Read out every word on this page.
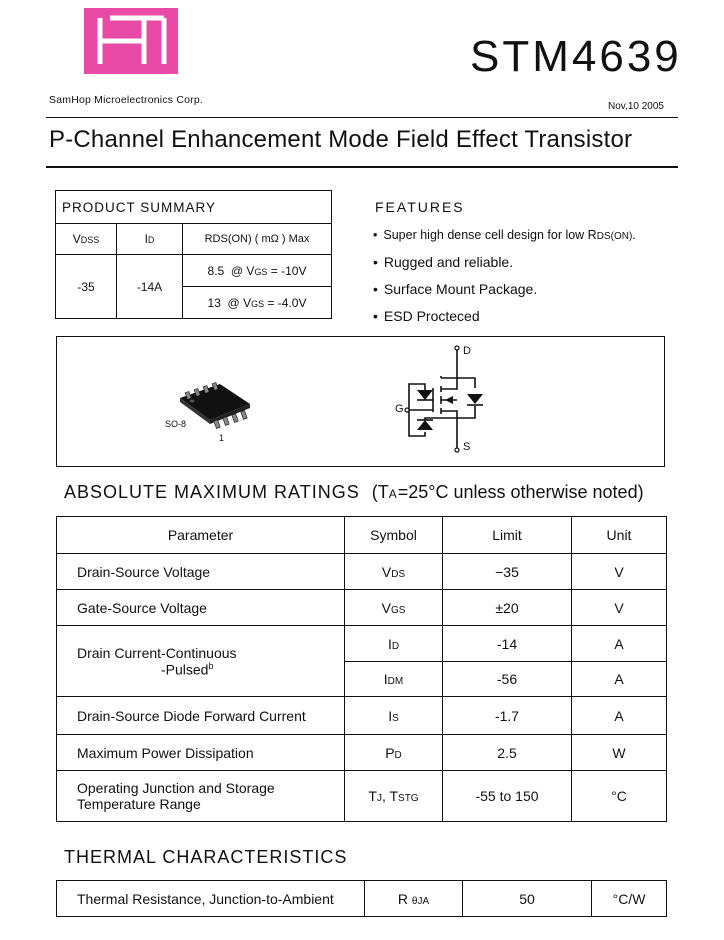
SamHop Microelectronics Corp.
STM4639
Nov,10 2005
P-Channel Enhancement Mode Field Effect Transistor
PRODUCT SUMMARY		
VDSS	ID	RDS(ON) ( mΩ ) Max
-35	-14A	8.5 @ VGS = -10V
		13 @ VGS = -4.0V
FEATURES
• Super high dense cell design for low RDS(ON).
• Rugged and reliable.
• Surface Mount Package.
• ESD Procteced
SO-8
1
D
G
S
ABSOLUTE MAXIMUM RATINGS (TA=25°C unless otherwise noted)
Parameter	Symbol	Limit	Unit
Drain-Source Voltage	VDS	−35	V
Gate-Source Voltage	VGS	±20	V

Drain Current-Continuous
-Pulsed$^b$	ID	-14	A
	IDM	-56	A
Drain-Source Diode Forward Current	IS	-1.7	A
Maximum Power Dissipation	PD	2.5	W

Operating Junction and Storage
Temperature Range	TJ, TSTG	-55 to 150	°C
THERMAL CHARACTERISTICS
Thermal Resistance, Junction-to-Ambient	R θJA	50	°C/W
